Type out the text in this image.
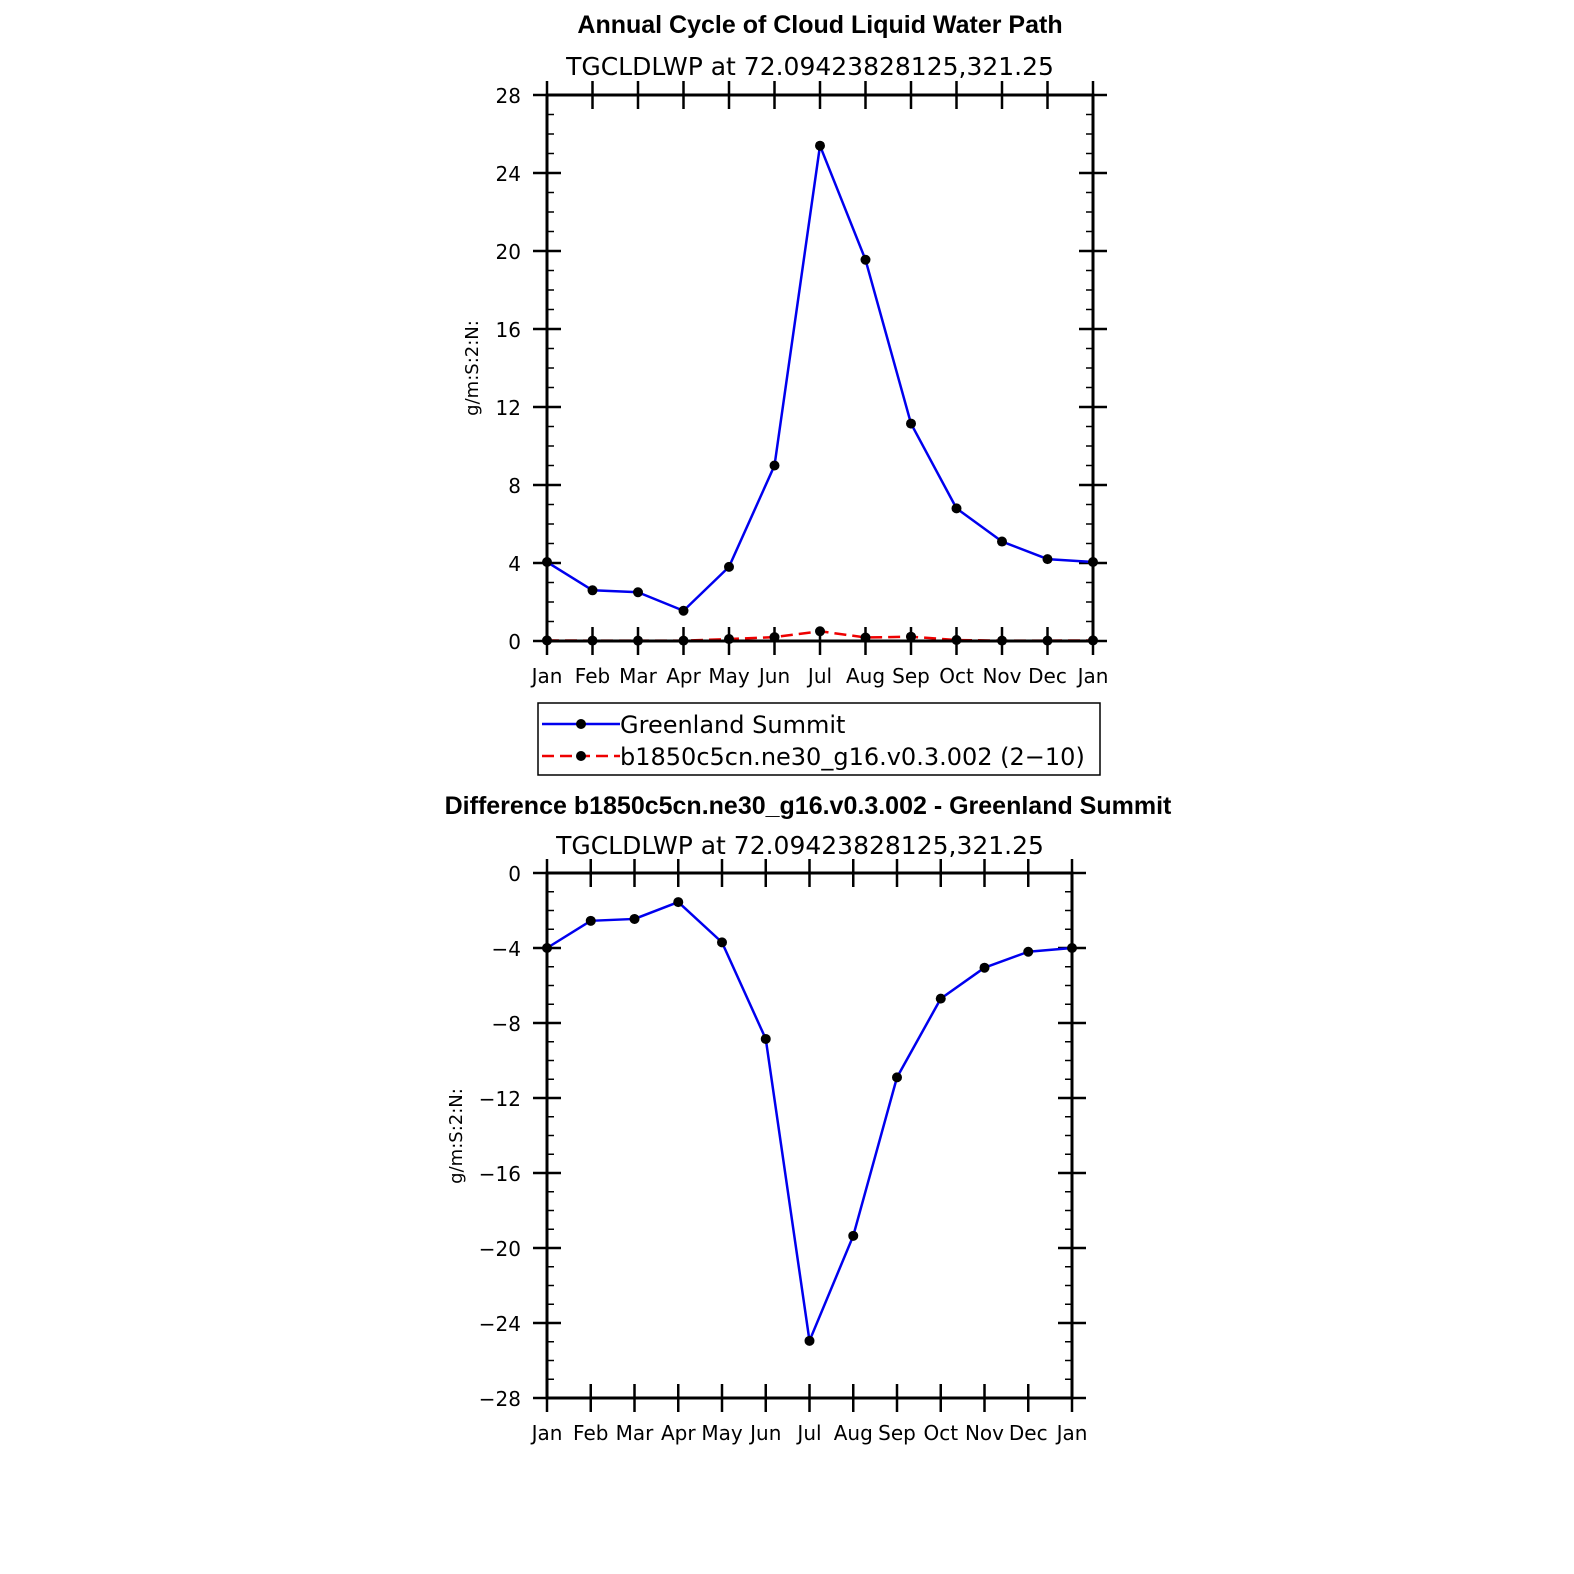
Annual Cycle of Cloud Liquid Water Path
TGCLDLWP at 72.09423828125,321.25
g/m:S:2:N:
Jan Feb Mar Apr May Jun Jul Aug Sep Oct Nov Dec Jan
0
4
8
12
16
20
24
28
Greenland Summit
b1850c5cn.ne30_g16.v0.3.002 (2−10)
Difference b1850c5cn.ne30_g16.v0.3.002 - Greenland Summit
TGCLDLWP at 72.09423828125,321.25
g/m:S:2:N:
Jan Feb Mar Apr May Jun Jul Aug Sep Oct Nov Dec Jan
0
−4
−8
−12
−16
−20
−24
−28
